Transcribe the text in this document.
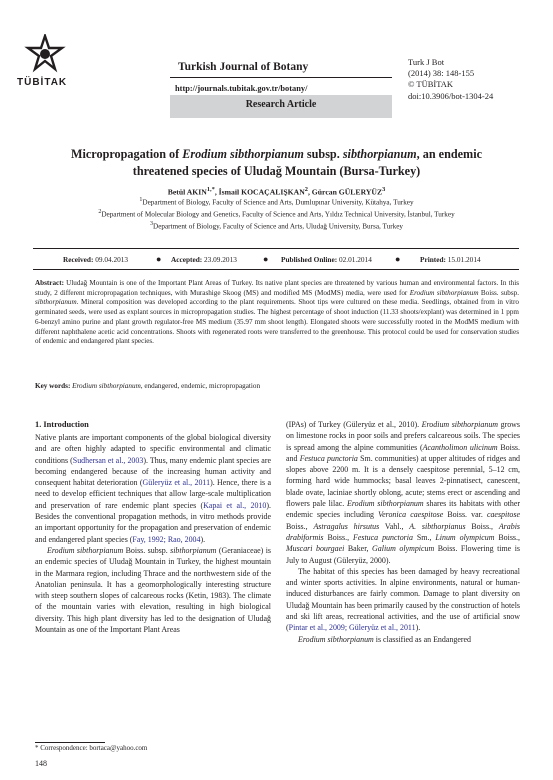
TÜBİTAK
Turkish Journal of Botany
http://journals.tubitak.gov.tr/botany/
Research Article
Turk J Bot
(2014) 38: 148-155
© TÜBİTAK
doi:10.3906/bot-1304-24
Micropropagation of Erodium sibthorpianum subsp. sibthorpianum, an endemic
threatened species of Uludağ Mountain (Bursa-Turkey)
Betül $AKIN^{1,*}$, İsmail KOCAÇALIŞKAN$^2$, Gürcan GÜLERYÜZ$^3$
$^1$Department of Biology, Faculty of Science and Arts, Dumlupınar University, Kütahya, Turkey
$^2$Department of Molecular Biology and Genetics, Faculty of Science and Arts, Yıldız Technical University, İstanbul, Turkey
$^3$Department of Biology, Faculty of Science and Arts, Uludağ University, Bursa, Turkey
Received: 09.04.2013	● Accepted: 23.09.2013	● Published Online: 02.01.2014	●	Printed: 15.01.2014
Abstract: Uludağ Mountain is one of the Important Plant Areas of Turkey. Its native plant species are threatened by various human and environmental factors. In this study, 2 different micropropagation techniques, with Murashige Skoog (MS) and modified MS (ModMS) media, were used for Erodium sibthorpianum Boiss. subsp. sibthorpianum. Mineral composition was developed according to the plant requirements. Shoot tips were cultured on these media. Seedlings, obtained from in vitro germinated seeds, were used as explant sources in micropropagation studies. The highest percentage of shoot induction (11.33 shoots/explant) was determined in 1 ppm 6-benzyl amino purine and plant growth regulator-free MS medium (35.97 mm shoot length). Elongated shoots were successfully rooted in the ModMS medium with different naphthalene acetic acid concentrations. Shoots with regenerated roots were transferred to the greenhouse. This protocol could be used for conservation studies of endemic and endangered plant species.
Key words: Erodium sibthorpianum, endangered, endemic, micropropagation
1. Introduction

Native plants are important components of the global biological diversity and are often highly adapted to specific environmental and climatic conditions (Sudhersan et al., 2003). Thus, many endemic plant species are becoming endangered because of the increasing human activity and consequent habitat deterioration (Güleryüz et al., 2011). Hence, there is a need to develop efficient techniques that allow large-scale multiplication and preservation of rare endemic plant species (Kapai et al., 2010). Besides the conventional propagation methods, in vitro methods provide an important opportunity for the propagation and preservation of endemic and endangered plant species (Fay, 1992; Rao, 2004).

Erodium sibthorpianum Boiss. subsp. sibthorpianum (Geraniaceae) is an endemic species of Uludağ Mountain in Turkey, the highest mountain in the Marmara region, including Thrace and the northwestern side of the Anatolian peninsula. It has a geomorphologically interesting structure with steep southern slopes of calcareous rocks (Ketin, 1983). The climate of the mountain varies with elevation, resulting in high biological diversity. This high plant diversity has led to the designation of Uludağ Mountain as one of the Important Plant Areas

(IPAs) of Turkey (Güleryüz et al., 2010). Erodium sibthorpianum grows on limestone rocks in poor soils and prefers calcareous soils. The species is spread among the alpine communities (Acantholimon ulicinum Boiss. and Festuca punctoria Sm. communities) at upper altitudes of ridges and slopes above 2200 m. It is a densely caespitose perennial, 5–12 cm, forming hard wide hummocks; basal leaves 2-pinnatisect, canescent, blade ovate, laciniae shortly oblong, acute; stems erect or ascending and flowers pale lilac. Erodium sibthorpianum shares its habitats with other endemic species including Veronica caespitose Boiss. var. caespitose Boiss., Astragalus hirsutus Vahl., A. sibthorpianus Boiss., Arabis drabiformis Boiss., Festuca punctoria Sm., Linum olympicum Boiss., Muscari bourgaei Baker, Galium olympicum Boiss. Flowering time is July to August (Güleryüz, 2000).

The habitat of this species has been damaged by heavy recreational and winter sports activities. In alpine environments, natural or human-induced disturbances are fairly common. Damage to plant diversity on Uludağ Mountain has been primarily caused by the construction of hotels and ski lift areas, recreational activities, and the use of artificial snow (Pintar et al., 2009; Güleryüz et al., 2011).

Erodium sibthorpianum is classified as an Endangered

* Correspondence: bortaca@yahoo.com
148
